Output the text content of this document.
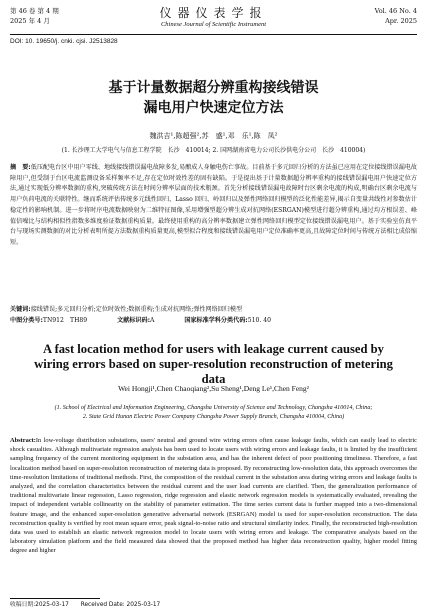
第 46 卷 第 4 期
2025 年 4 月
仪器仪表学报
Chinese Journal of Scientific Instrument
Vol. 46 No. 4
Apr. 2025
DOI: 10. 19650/j. cnki. cjsi. J2513828
基于计量数据超分辨重构接线错误
漏电用户快速定位方法
魏洪吉¹,陈超强²,苏　盛¹,邓　乐¹,陈　凤²
(1. 长沙理工大学电气与信息工程学院　长沙　410014; 2. 国网湖南省电力公司长沙供电分公司　长沙　410004)
摘　要:低压配电台区中用户零线、地线接线错误漏电故障多发,易酿成人身触电伤亡事故。目前基于多元回归分析的方法虽已应用在定位接线错误漏电故障用户,但受制于台区电流监测设备采样频率不足,存在定位时效性差的固有缺陷。于是提出基于计量数据超分辨率重构的接线错误漏电用户快速定位方法,通过实现低分辨率数据的重构,突破传统方法在时间分辨率层面的技术瓶颈。首先分析接线错误漏电故障时台区剩余电流的构成,明确台区剩余电流与用户负荷电流的关联特性。继而系统评估传统多元线性回归、Lasso 回归、岭回归以及弹性网络回归模型的泛化性能差异,揭示自变量共线性对参数估计稳定性的影响机制。进一步将时序电流数据映射为二维特征图像,采用增强型超分辨生成对抗网络(ESRGAN)模型进行超分辨重构,通过均方根误差、峰值信噪比与结构相似性指数多维度验证数据重构质量。最终使用重构的高分辨率数据建立弹性网络回归模型定位接线错误漏电用户。基于实验室仿真平台与现场实测数据的对比分析表明所提方法数据重构质量更高,模型拟合程度和接线错误漏电用户定位准确率更高,且故障定位时间与传统方法相比成倍缩短。
关键词:接线错误;多元回归分析;定位时效性;数据重构;生成对抗网络;弹性网络回归模型
中图分类号:TN912　TH89	文献标识码:A	国家标准学科分类代码:510. 40
A fast location method for users with leakage current caused by wiring errors based on super-resolution reconstruction of metering data
Wei Hongji¹,Chen Chaoqiang²,Su Sheng¹,Deng Le¹,Chen Feng²
(1. School of Electrical and Information Engineering, Changsha University of Science and Technology, Changsha 410014, China;
2. State Grid Hunan Electric Power Company Changsha Power Supply Branch, Changsha 410004, China)
Abstract:In low-voltage distribution substations, users' neutral and ground wire wiring errors often cause leakage faults, which can easily lead to electric shock casualties. Although multivariate regression analysis has been used to locate users with wiring errors and leakage faults, it is limited by the insufficient sampling frequency of the current monitoring equipment in the substation area, and has the inherent defect of poor positioning timeliness. Therefore, a fast localization method based on super-resolution reconstruction of metering data is proposed. By reconstructing low-resolution data, this approach overcomes the time-resolution limitations of traditional methods. First, the composition of the residual current in the substation area during wiring errors and leakage faults is analyzed, and the correlation characteristics between the residual current and the user load currents are clarified. Then, the generalization performance of traditional multivariate linear regression, Lasso regression, ridge regression and elastic network regression models is systematically evaluated, revealing the impact of independent variable collinearity on the stability of parameter estimation. The time series current data is further mapped into a two-dimensional feature image, and the enhanced super-resolution generative adversarial network (ESRGAN) model is used for super-resolution reconstruction. The data reconstruction quality is verified by root mean square error, peak signal-to-noise ratio and structural similarity index. Finally, the reconstructed high-resolution data was used to establish an elastic network regression model to locate users with wiring errors and leakage. The comparative analysis based on the laboratory simulation platform and the field measured data showed that the proposed method has higher data reconstruction quality, higher model fitting degree and higher
收稿日期:2025-03-17 Received Date: 2025-03-17
